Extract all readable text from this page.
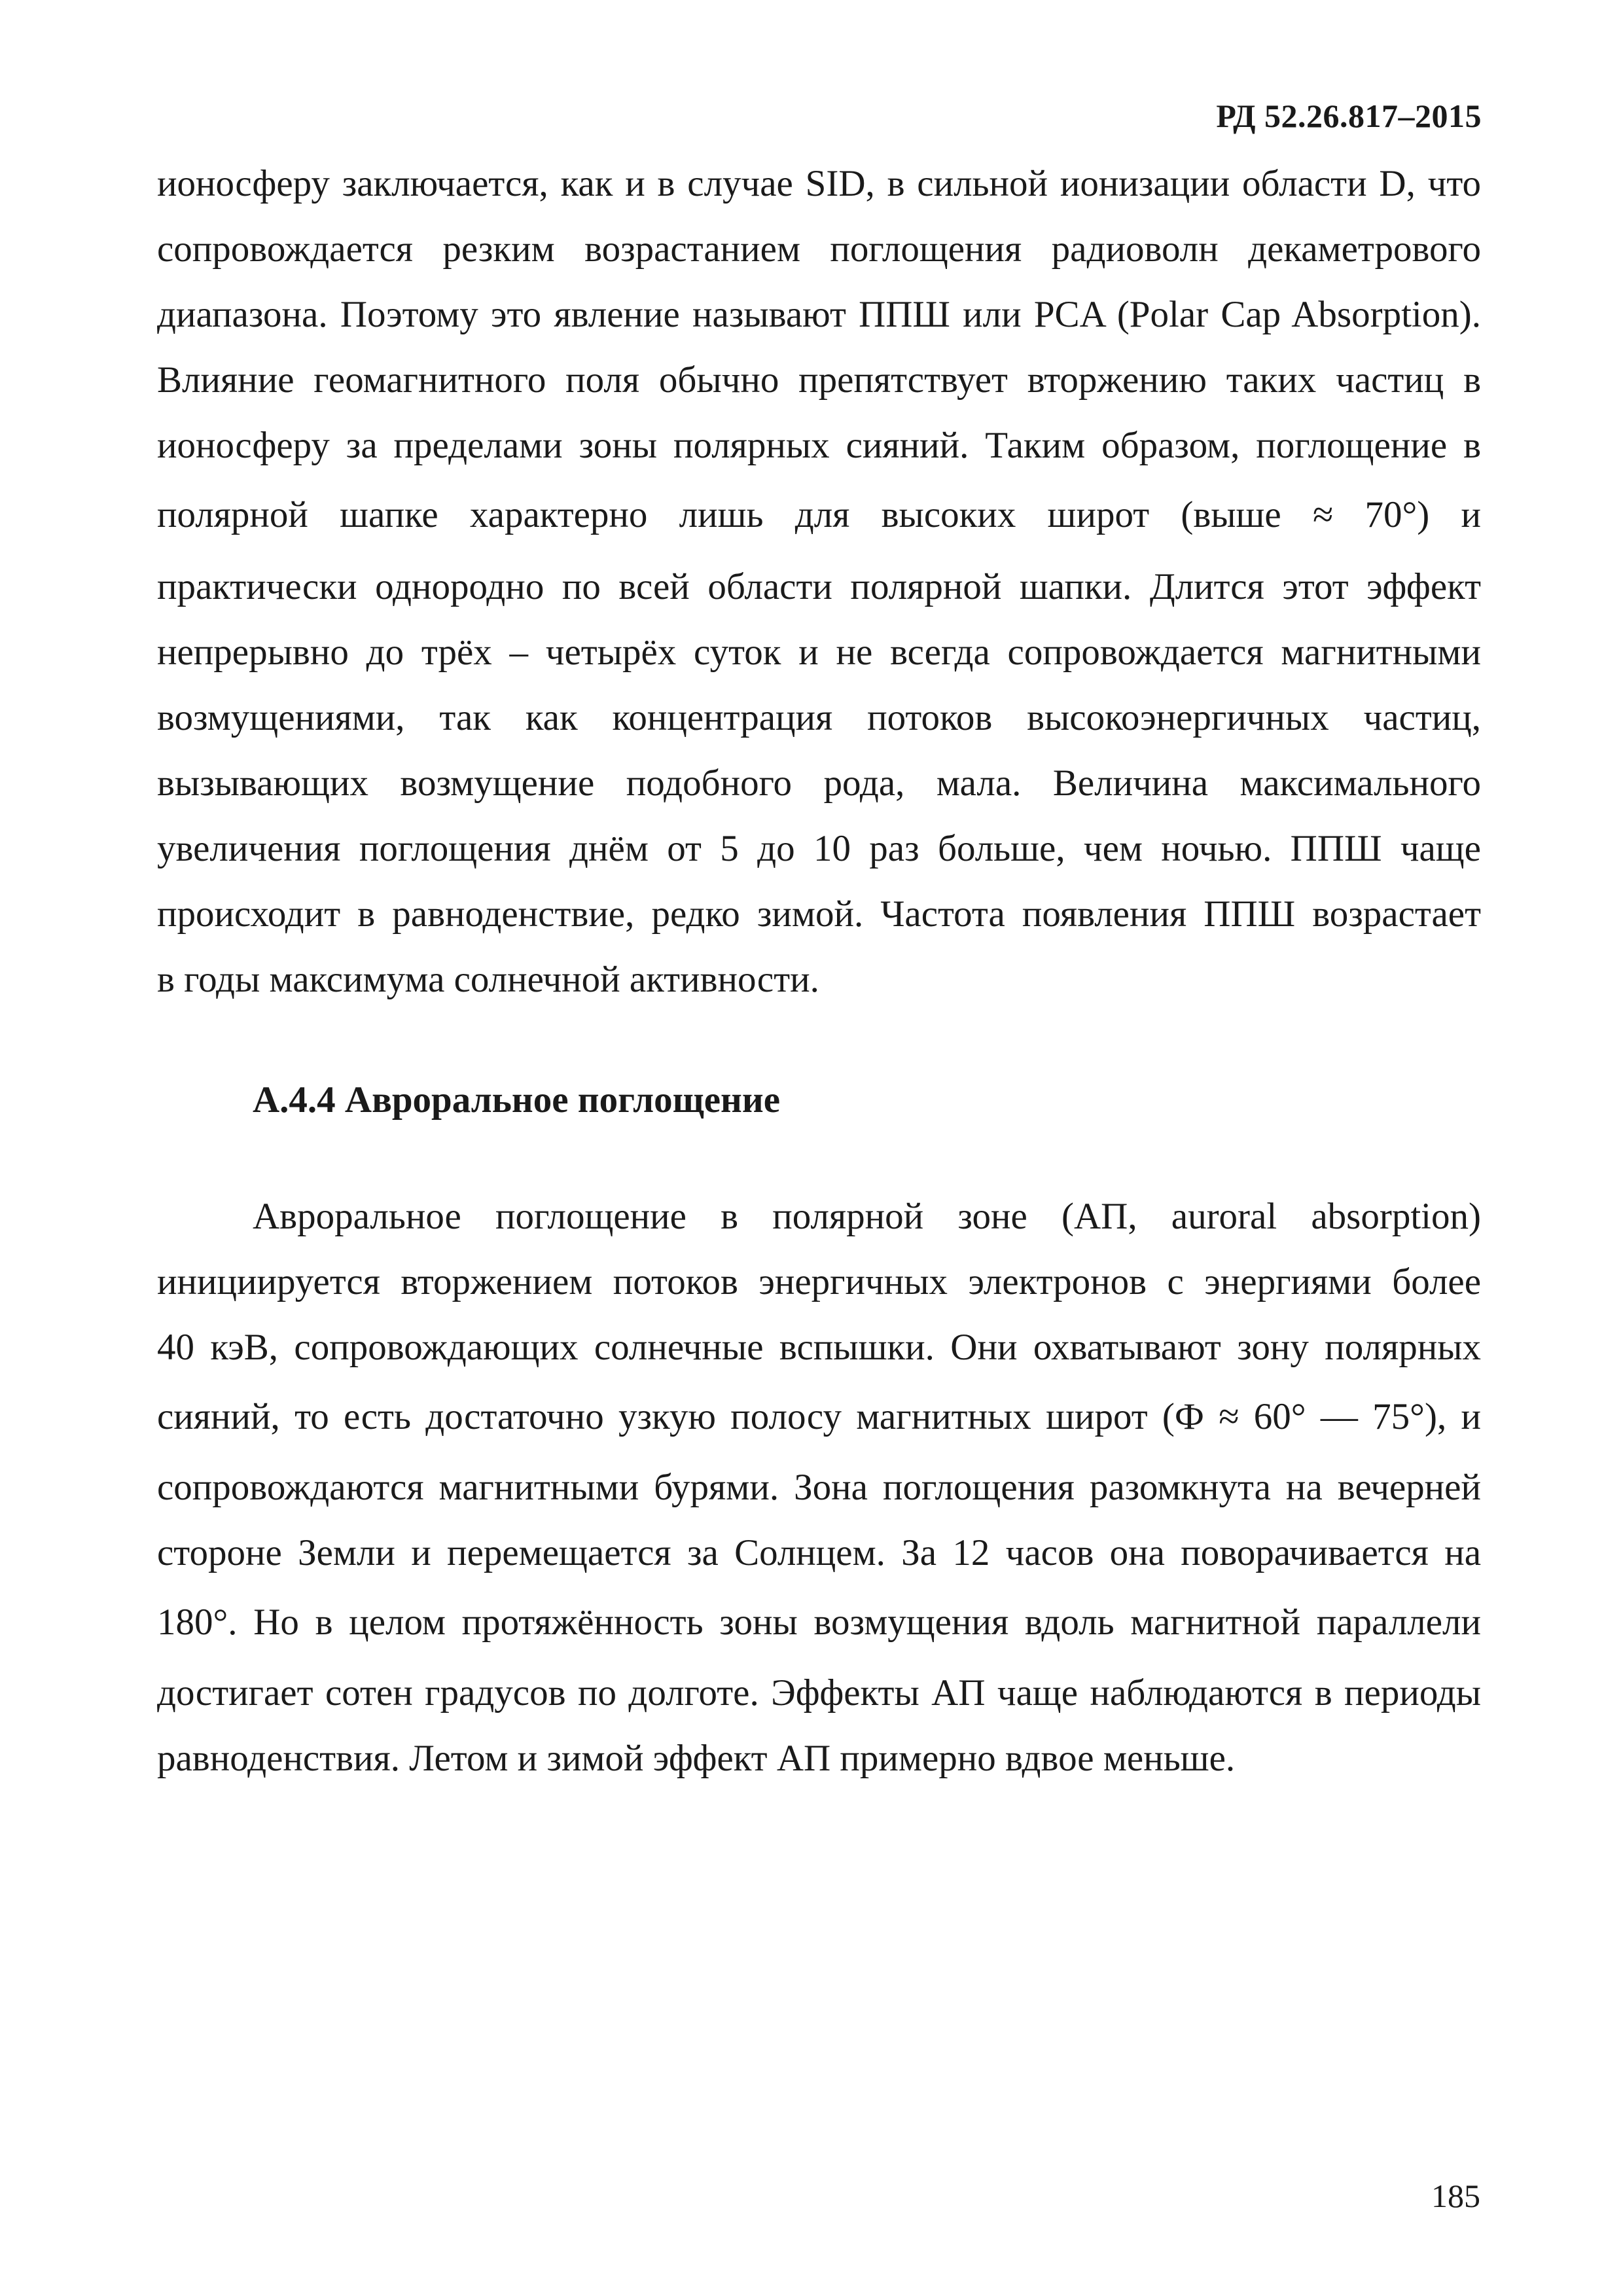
РД 52.26.817–2015
ионосферу заключается, как и в случае SID, в сильной ионизации области D, что
сопровождается резким возрастанием поглощения радиоволн декаметрового
диапазона. Поэтому это явление называют ППШ или PCA (Polar Cap Absorption).
Влияние геомагнитного поля обычно препятствует вторжению таких частиц в
ионосферу за пределами зоны полярных сияний. Таким образом, поглощение в
полярной шапке характерно лишь для высоких широт (выше ≈ 70°) и
практически однородно по всей области полярной шапки. Длится этот эффект
непрерывно до трёх – четырёх суток и не всегда сопровождается магнитными
возмущениями, так как концентрация потоков высокоэнергичных частиц,
вызывающих возмущение подобного рода, мала. Величина максимального
увеличения поглощения днём от 5 до 10 раз больше, чем ночью. ППШ чаще
происходит в равноденствие, редко зимой. Частота появления ППШ возрастает
в годы максимума солнечной активности.
А.4.4 Авроральное поглощение
Авроральное поглощение в полярной зоне (АП, auroral absorption)
инициируется вторжением потоков энергичных электронов с энергиями более
40 кэВ, сопровождающих солнечные вспышки. Они охватывают зону полярных
сияний, то есть достаточно узкую полосу магнитных широт (Ф ≈ 60° — 75°), и
сопровождаются магнитными бурями. Зона поглощения разомкнута на вечерней
стороне Земли и перемещается за Солнцем. За 12 часов она поворачивается на
180°. Но в целом протяжённость зоны возмущения вдоль магнитной параллели
достигает сотен градусов по долготе. Эффекты АП чаще наблюдаются в периоды
равноденствия. Летом и зимой эффект АП примерно вдвое меньше.
185
